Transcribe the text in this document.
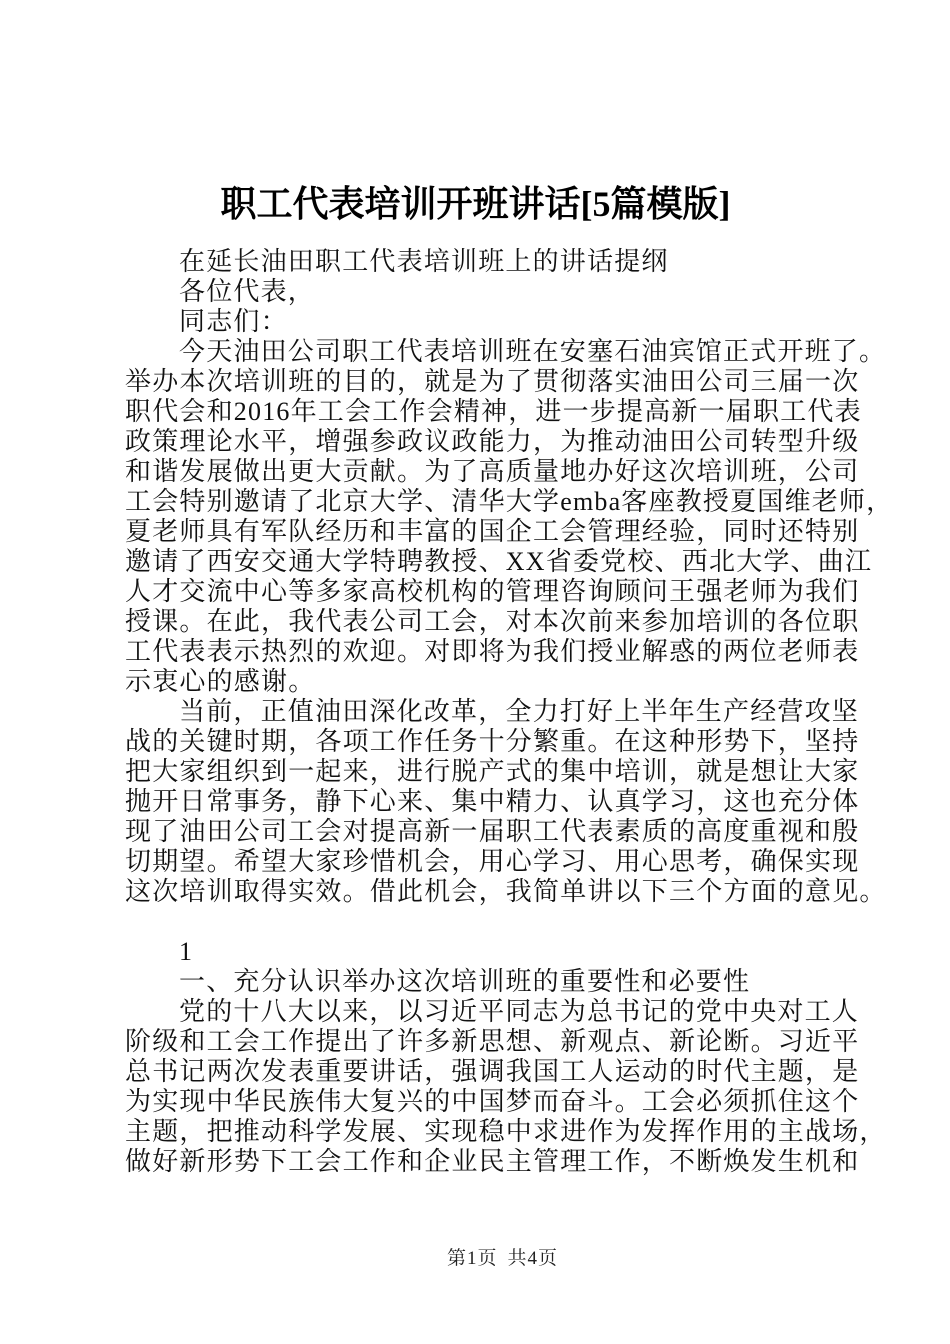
职工代表培训开班讲话[5篇模版]
在延长油田职工代表培训班上的讲话提纲
各位代表，
同志们：
今天油田公司职工代表培训班在安塞石油宾馆正式开班了。
举办本次培训班的目的，就是为了贯彻落实油田公司三届一次
职代会和2016年工会工作会精神，进一步提高新一届职工代表
政策理论水平，增强参政议政能力，为推动油田公司转型升级
和谐发展做出更大贡献。为了高质量地办好这次培训班，公司
工会特别邀请了北京大学、清华大学emba客座教授夏国维老师，
夏老师具有军队经历和丰富的国企工会管理经验，同时还特别
邀请了西安交通大学特聘教授、XX省委党校、西北大学、曲江
人才交流中心等多家高校机构的管理咨询顾问王强老师为我们
授课。在此，我代表公司工会，对本次前来参加培训的各位职
工代表表示热烈的欢迎。对即将为我们授业解惑的两位老师表
示衷心的感谢。
当前，正值油田深化改革，全力打好上半年生产经营攻坚
战的关键时期，各项工作任务十分繁重。在这种形势下，坚持
把大家组织到一起来，进行脱产式的集中培训，就是想让大家
抛开日常事务，静下心来、集中精力、认真学习，这也充分体
现了油田公司工会对提高新一届职工代表素质的高度重视和殷
切期望。希望大家珍惜机会，用心学习、用心思考，确保实现
这次培训取得实效。借此机会，我简单讲以下三个方面的意见。
1
一、充分认识举办这次培训班的重要性和必要性
党的十八大以来，以习近平同志为总书记的党中央对工人
阶级和工会工作提出了许多新思想、新观点、新论断。习近平
总书记两次发表重要讲话，强调我国工人运动的时代主题，是
为实现中华民族伟大复兴的中国梦而奋斗。工会必须抓住这个
主题，把推动科学发展、实现稳中求进作为发挥作用的主战场，
做好新形势下工会工作和企业民主管理工作，不断焕发生机和
第1页 共4页
